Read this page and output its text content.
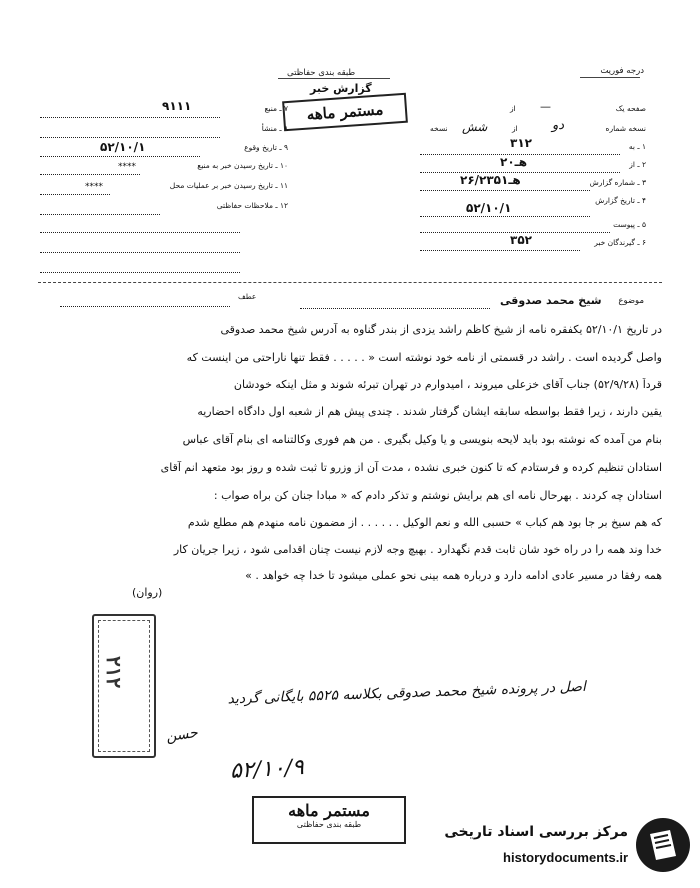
طبقه بندی حفاظتی
گزارش خبر
مستمر ماهه
درجه فوریت
صفحه یک
از —
نسخه شماره
دو
از
شش
نسخه
۱ ـ به
۳۱۲
۲ ـ از
۲۰هـ
۳ ـ شماره گزارش
۲۶/۲۳۵۱هـ
۴ ـ تاریخ گزارش
۵۲/۱۰/۱
۵ ـ پیوست
۶ ـ گیرندگان خبر
۳۵۲
۷ ـ منبع
۹۱۱۱
۸ ـ منشأ
۹ ـ تاریخ وقوع
۵۲/۱۰/۱
۱۰ ـ تاریخ رسیدن خبر به منبع
****
۱۱ ـ تاریخ رسیدن خبر بر عملیات محل
****
۱۲ ـ ملاحظات حفاظتی
عطف	موضوع
شیخ محمد صدوقی
در تاریخ ۵۲/۱۰/۱ یکفقره نامه از شیخ کاظم راشد یزدی از بندر گناوه به آدرس شیخ محمد صدوقی
واصل گردیده است . راشد در قسمتی از نامه خود نوشته است « . . . . . فقط تنها ناراحتی من اینست که
قرداً (۵۲/۹/۲۸) جناب آقای خزعلی میروند ، امیدوارم در تهران تبرئه شوند و مثل اینکه خودشان
یقین دارند ، زیرا فقط بواسطه سابقه ایشان گرفتار شدند . چندی پیش هم از شعبه اول دادگاه احضاریه
بنام من آمده که نوشته بود باید لایحه بنویسی و یا وکیل بگیری . من هم فوری وکالتنامه ای بنام آقای عباس
استادان تنظیم کرده و فرستادم که تا کنون خبری نشده ، مدت آن از وزرو تا ثبت شده و روز بود متعهد انم آقای
استادان چه کردند . بهرحال نامه ای هم برایش نوشتم و تذکر دادم که « مبادا جنان کن براه صواب :
که هم سیخ بر جا بود هم کباب » حسبی الله و نعم الوکیل . . . . . . از مضمون نامه منهدم هم مطلع شدم
خدا وند همه را در راه خود شان ثابت قدم نگهدارد . بهیچ وجه لازم نیست چنان اقدامی شود ، زیرا جریان کار
همه رفقا در مسیر عادی ادامه دارد و درباره همه بینی نحو عملی میشود تا خدا چه خواهد . »
(روان)
۲۱۲
اصل در پرونده شیخ محمد صدوقی بکلاسه ۵۵۲۵ بایگانی گردید
حسن
۵۲/۱۰/۹
مستمر ماهه
طبقه بندی حفاظتی	مرکز بررسی اسناد تاریخی
historydocuments.ir
